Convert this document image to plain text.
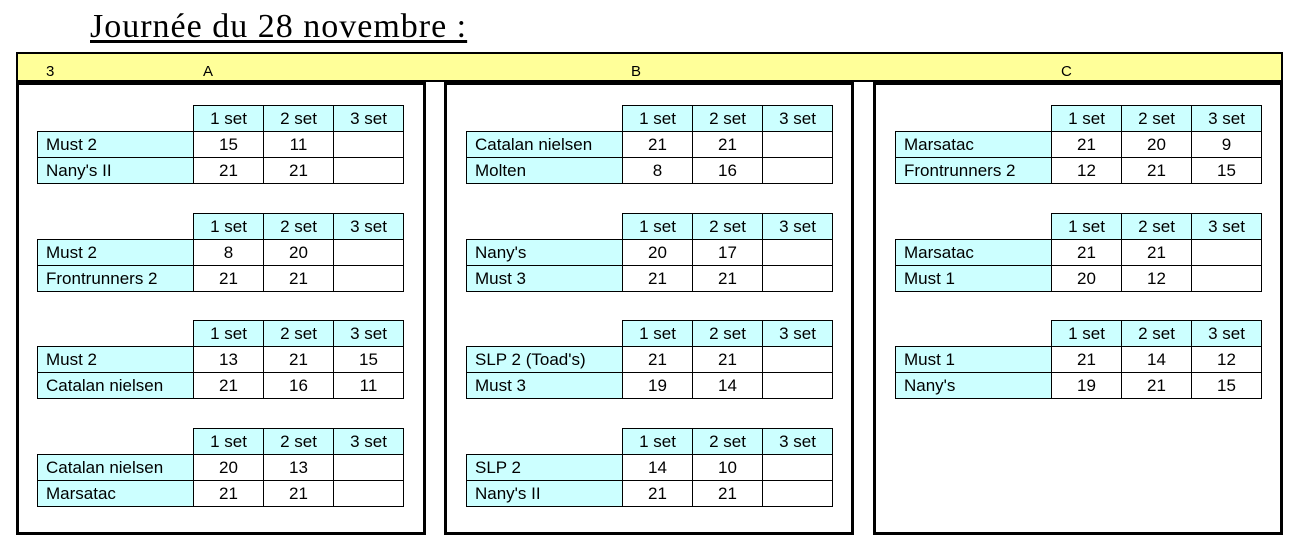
Journée du 28 novembre :
3	A	B	C
	1 set	2 set	3 set
Must 2	15	11	
Nany's II	21	21	
	1 set	2 set	3 set
Must 2	8	20	
Frontrunners 2	21	21	
	1 set	2 set	3 set
Must 2	13	21	15
Catalan nielsen	21	16	11
	1 set	2 set	3 set
Catalan nielsen	20	13	
Marsatac	21	21	
	1 set	2 set	3 set
Catalan nielsen	21	21	
Molten	8	16	
	1 set	2 set	3 set
Nany's	20	17	
Must 3	21	21	
	1 set	2 set	3 set
SLP 2 (Toad's)	21	21	
Must 3	19	14	
	1 set	2 set	3 set
SLP 2	14	10	
Nany's II	21	21	
	1 set	2 set	3 set
Marsatac	21	20	9
Frontrunners 2	12	21	15
	1 set	2 set	3 set
Marsatac	21	21	
Must 1	20	12	
	1 set	2 set	3 set
Must 1	21	14	12
Nany's	19	21	15
